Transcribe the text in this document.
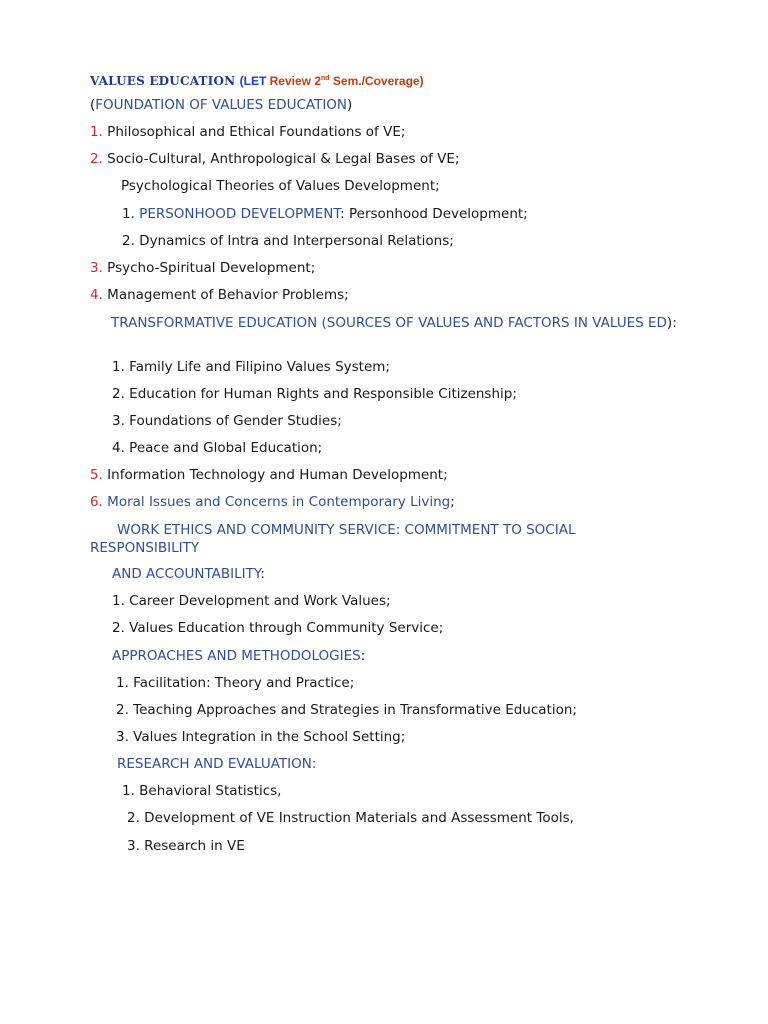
VALUES EDUCATION (LET Review 2nd Sem./Coverage)
(FOUNDATION OF VALUES EDUCATION)
1. Philosophical and Ethical Foundations of VE;
2. Socio-Cultural, Anthropological & Legal Bases of VE;
Psychological Theories of Values Development;
1. PERSONHOOD DEVELOPMENT: Personhood Development;
2. Dynamics of Intra and Interpersonal Relations;
3. Psycho-Spiritual Development;
4. Management of Behavior Problems;
TRANSFORMATIVE EDUCATION (SOURCES OF VALUES AND FACTORS IN VALUES ED):
1. Family Life and Filipino Values System;
2. Education for Human Rights and Responsible Citizenship;
3. Foundations of Gender Studies;
4. Peace and Global Education;
5. Information Technology and Human Development;
6. Moral Issues and Concerns in Contemporary Living;
WORK ETHICS AND COMMUNITY SERVICE: COMMITMENT TO SOCIAL RESPONSIBILITY
AND ACCOUNTABILITY:
1. Career Development and Work Values;
2. Values Education through Community Service;
APPROACHES AND METHODOLOGIES:
1. Facilitation: Theory and Practice;
2. Teaching Approaches and Strategies in Transformative Education;
3. Values Integration in the School Setting;
RESEARCH AND EVALUATION:
1. Behavioral Statistics,
2. Development of VE Instruction Materials and Assessment Tools,
3. Research in VE
